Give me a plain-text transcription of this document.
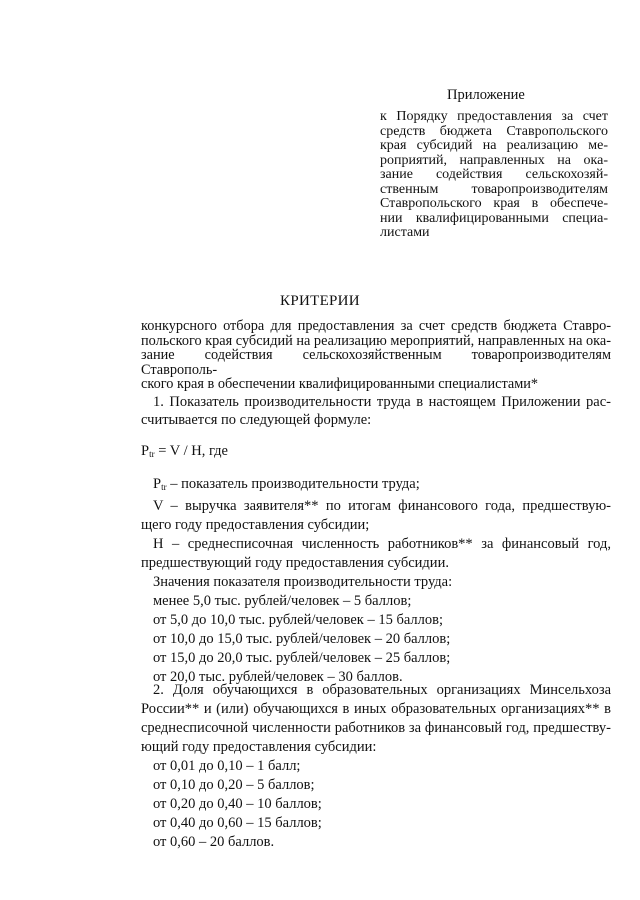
Приложение
к Порядку предоставления за счет
средств бюджета Ставропольского
края субсидий на реализацию ме-
роприятий, направленных на ока-
зание содействия сельскохозяй-
ственным товаропроизводителям
Ставропольского края в обеспече-
нии квалифицированными специа-
листами
КРИТЕРИИ
конкурсного отбора для предоставления за счет средств бюджета Ставро-
польского края субсидий на реализацию мероприятий, направленных на ока-
зание содействия сельскохозяйственным товаропроизводителям Ставрополь-
ского края в обеспечении квалифицированными специалистами*
1. Показатель производительности труда в настоящем Приложении рас-
считывается по следующей формуле:
$P_{tr} = V / H$, где
$P_{tr}$ – показатель производительности труда;
V – выручка заявителя** по итогам финансового года, предшествую-
щего году предоставления субсидии;
H – среднесписочная численность работников** за финансовый год,
предшествующий году предоставления субсидии.
Значения показателя производительности труда:
менее 5,0 тыс. рублей/человек – 5 баллов;
от 5,0 до 10,0 тыс. рублей/человек – 15 баллов;
от 10,0 до 15,0 тыс. рублей/человек – 20 баллов;
от 15,0 до 20,0 тыс. рублей/человек – 25 баллов;
от 20,0 тыс. рублей/человек – 30 баллов.
2. Доля обучающихся в образовательных организациях Минсельхоза
России** и (или) обучающихся в иных образовательных организациях** в
среднесписочной численности работников за финансовый год, предшеству-
ющий году предоставления субсидии:
от 0,01 до 0,10 – 1 балл;
от 0,10 до 0,20 – 5 баллов;
от 0,20 до 0,40 – 10 баллов;
от 0,40 до 0,60 – 15 баллов;
от 0,60 – 20 баллов.
